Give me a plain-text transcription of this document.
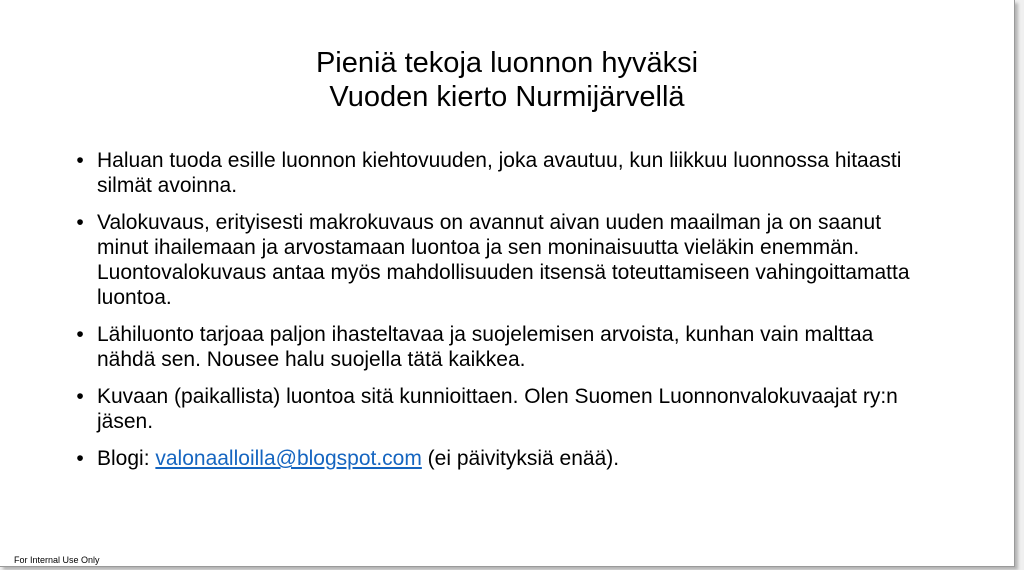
Pieniä tekoja luonnon hyväksi
Vuoden kierto Nurmijärvellä
• Haluan tuoda esille luonnon kiehtovuuden, joka avautuu, kun liikkuu luonnossa hitaasti silmät avoinna.
• Valokuvaus, erityisesti makrokuvaus on avannut aivan uuden maailman ja on saanut minut ihailemaan ja arvostamaan luontoa ja sen moninaisuutta vieläkin enemmän. Luontovalokuvaus antaa myös mahdollisuuden itsensä toteuttamiseen vahingoittamatta luontoa.
• Lähiluonto tarjoaa paljon ihasteltavaa ja suojelemisen arvoista, kunhan vain malttaa nähdä sen. Nousee halu suojella tätä kaikkea.
• Kuvaan (paikallista) luontoa sitä kunnioittaen. Olen Suomen Luonnonvalokuvaajat ry:n jäsen.
• Blogi: valonaalloilla@blogspot.com (ei päivityksiä enää).
For Internal Use Only
